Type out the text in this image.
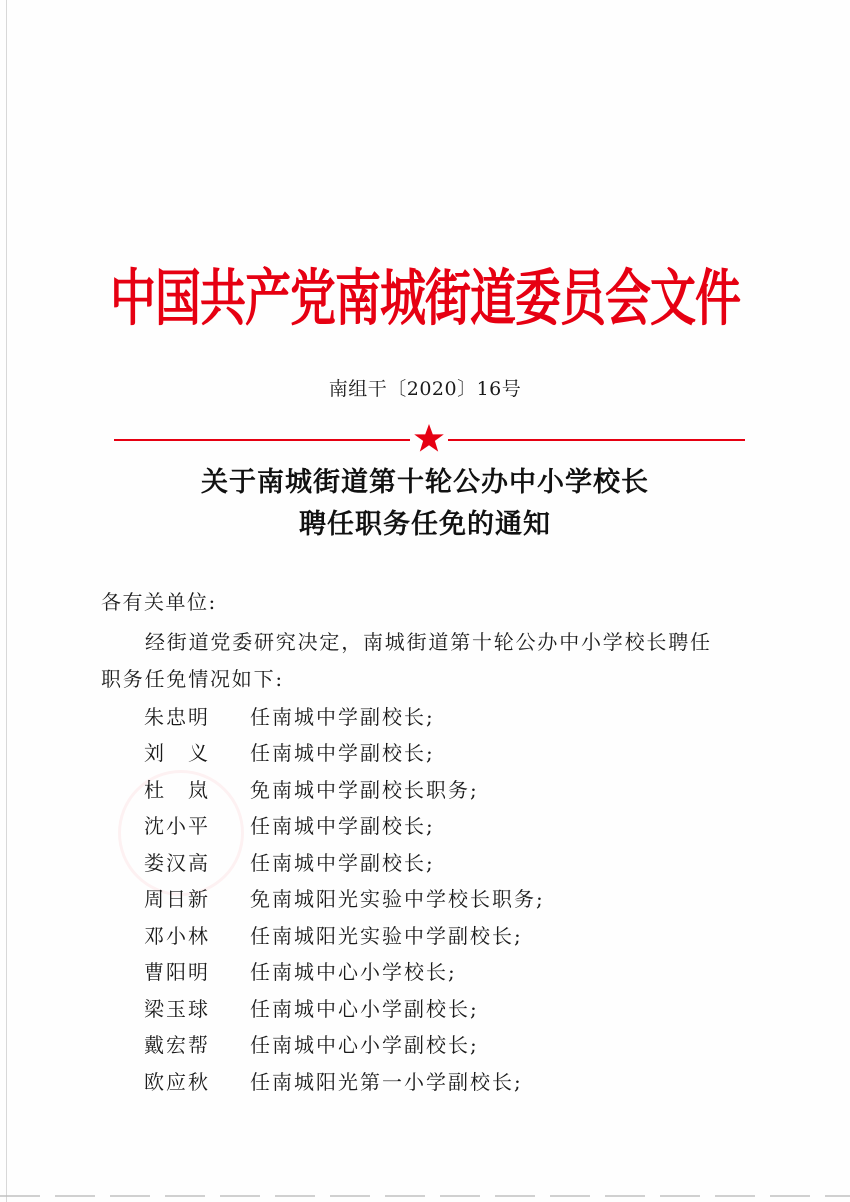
中国共产党南城街道委员会文件
南组干〔2020〕16号
关于南城街道第十轮公办中小学校长
聘任职务任免的通知
各有关单位:
经街道党委研究决定，南城街道第十轮公办中小学校长聘任
职务任免情况如下:
朱忠明	任南城中学副校长;
刘　义	任南城中学副校长;
杜　岚	免南城中学副校长职务;
沈小平	任南城中学副校长;
娄汉高	任南城中学副校长;
周日新	免南城阳光实验中学校长职务;
邓小林	任南城阳光实验中学副校长;
曹阳明	任南城中心小学校长;
梁玉球	任南城中心小学副校长;
戴宏帮	任南城中心小学副校长;
欧应秋	任南城阳光第一小学副校长;
